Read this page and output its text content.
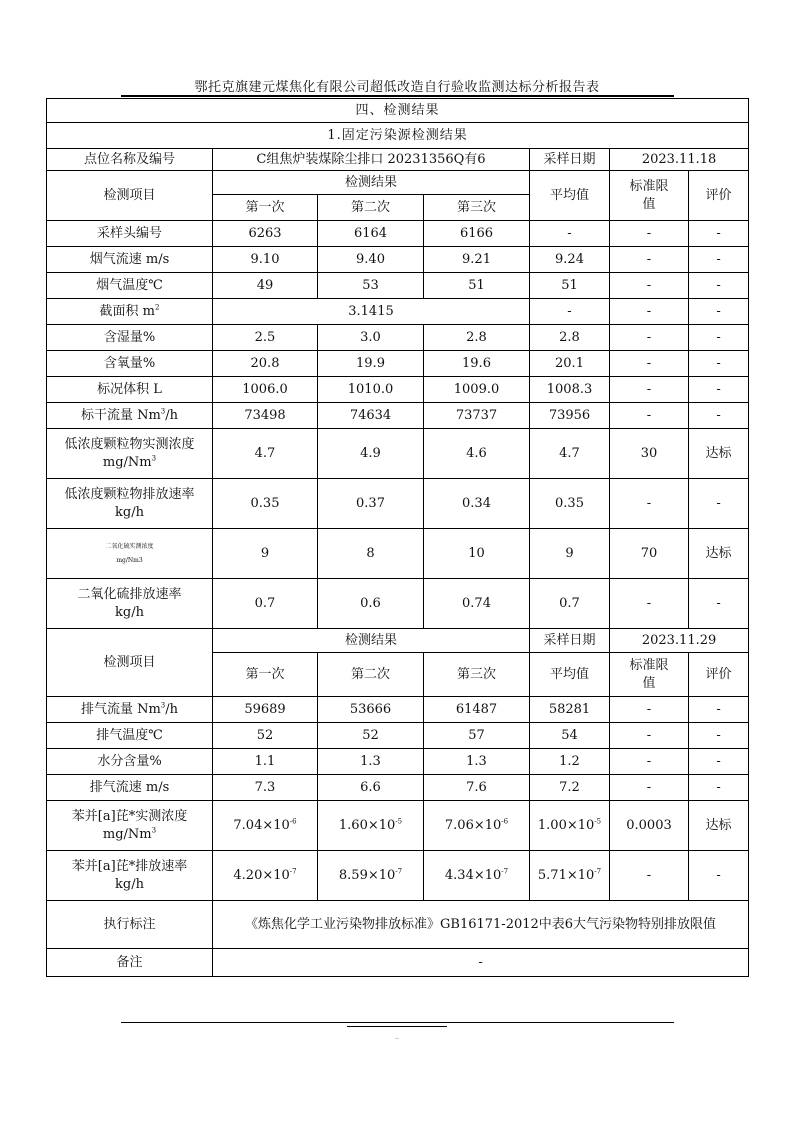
鄂托克旗建元煤焦化有限公司超低改造自行验收监测达标分析报告表
四、检测结果						
1.固定污染源检测结果						
点位名称及编号	C组焦炉装煤除尘排口 20231356Q有6			采样日期	2023.11.18	
检测项目	检测结果			平均值	标准限值	评价
	第一次	第二次	第三次			
采样头编号	6263	6164	6166	-	-	-
烟气流速 m/s	9.10	9.40	9.21	9.24	-	-
烟气温度℃	49	53	51	51	-	-
截面积 $m^2$	3.1415			-	-	-
含湿量%	2.5	3.0	2.8	2.8	-	-
含氧量%	20.8	19.9	19.6	20.1	-	-
标况体积 L	1006.0	1010.0	1009.0	1008.3	-	-
标干流量 Nm$^3$/h	73498	74634	73737	73956	-	-

低浓度颗粒物实测浓度
mg/Nm$^3$	4.7	4.9	4.6	4.7	30	达标

低浓度颗粒物排放速率
kg/h	0.35	0.37	0.34	0.35	-	-

二氧化硫实测浓度
mg/Nm3	9	8	10	9	70	达标

二氧化硫排放速率
kg/h	0.7	0.6	0.74	0.7	-	-
检测项目	检测结果			采样日期	2023.11.29	
	第一次	第二次	第三次	平均值	标准限值	评价
排气流量 Nm$^3$/h	59689	53666	61487	58281	-	-
排气温度℃	52	52	57	54	-	-
水分含量%	1.1	1.3	1.3	1.2	-	-
排气流速 m/s	7.3	6.6	7.6	7.2	-	-

苯并[a]芘*实测浓度
mg/Nm$^3$	$7.04\times 10^{-6}$	$1.60\times 10^{-5}$	$7.06\times 10^{-6}$	$1.00\times 10^{-5}$	0.0003	达标

苯并[a]芘*排放速率
kg/h	$4.20\times 10^{-7}$	$8.59\times 10^{-7}$	$4.34\times 10^{-7}$	$5.71\times 10^{-7}$	-	-
执行标注	《炼焦化学工业污染物排放标准》GB16171-2012中表6大气污染物特别排放限值					
备注	-					
··
